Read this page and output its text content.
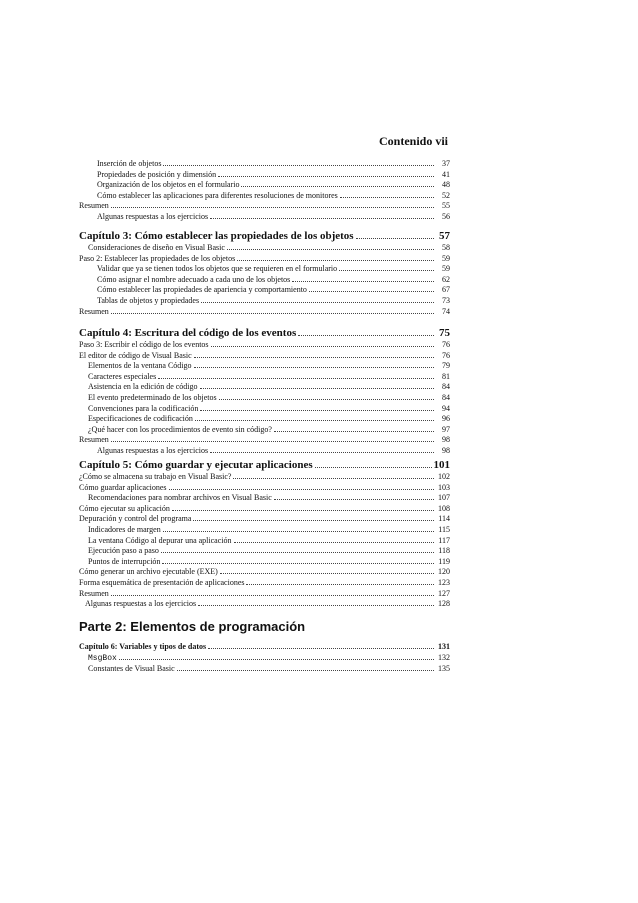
Contenido vii
Inserción de objetos	37
Propiedades de posición y dimensión	41
Organización de los objetos en el formulario	48
Cómo establecer las aplicaciones para diferentes resoluciones de monitores	52
Resumen	55
Algunas respuestas a los ejercicios	56
Capítulo 3: Cómo establecer las propiedades de los objetos	57
Consideraciones de diseño en Visual Basic	58
Paso 2: Establecer las propiedades de los objetos	59
Validar que ya se tienen todos los objetos que se requieren en el formulario	59
Cómo asignar el nombre adecuado a cada uno de los objetos	62
Cómo establecer las propiedades de apariencia y comportamiento	67
Tablas de objetos y propiedades	73
Resumen	74
Capítulo 4: Escritura del código de los eventos	75
Paso 3: Escribir el código de los eventos	76
El editor de código de Visual Basic	76
Elementos de la ventana Código	79
Caracteres especiales	81
Asistencia en la edición de código	84
El evento predeterminado de los objetos	84
Convenciones para la codificación	94
Especificaciones de codificación	96
¿Qué hacer con los procedimientos de evento sin código?	97
Resumen	98
Algunas respuestas a los ejercicios	98
Capítulo 5: Cómo guardar y ejecutar aplicaciones	101
¿Cómo se almacena su trabajo en Visual Basic?	102
Cómo guardar aplicaciones	103
Recomendaciones para nombrar archivos en Visual Basic	107
Cómo ejecutar su aplicación	108
Depuración y control del programa	114
Indicadores de margen	115
La ventana Código al depurar una aplicación	117
Ejecución paso a paso	118
Puntos de interrupción	119
Cómo generar un archivo ejecutable (EXE)	120
Forma esquemática de presentación de aplicaciones	123
Resumen	127
Algunas respuestas a los ejercicios	128
Parte 2: Elementos de programación
Capítulo 6: Variables y tipos de datos	131
MsgBox	132
Constantes de Visual Basic	135
